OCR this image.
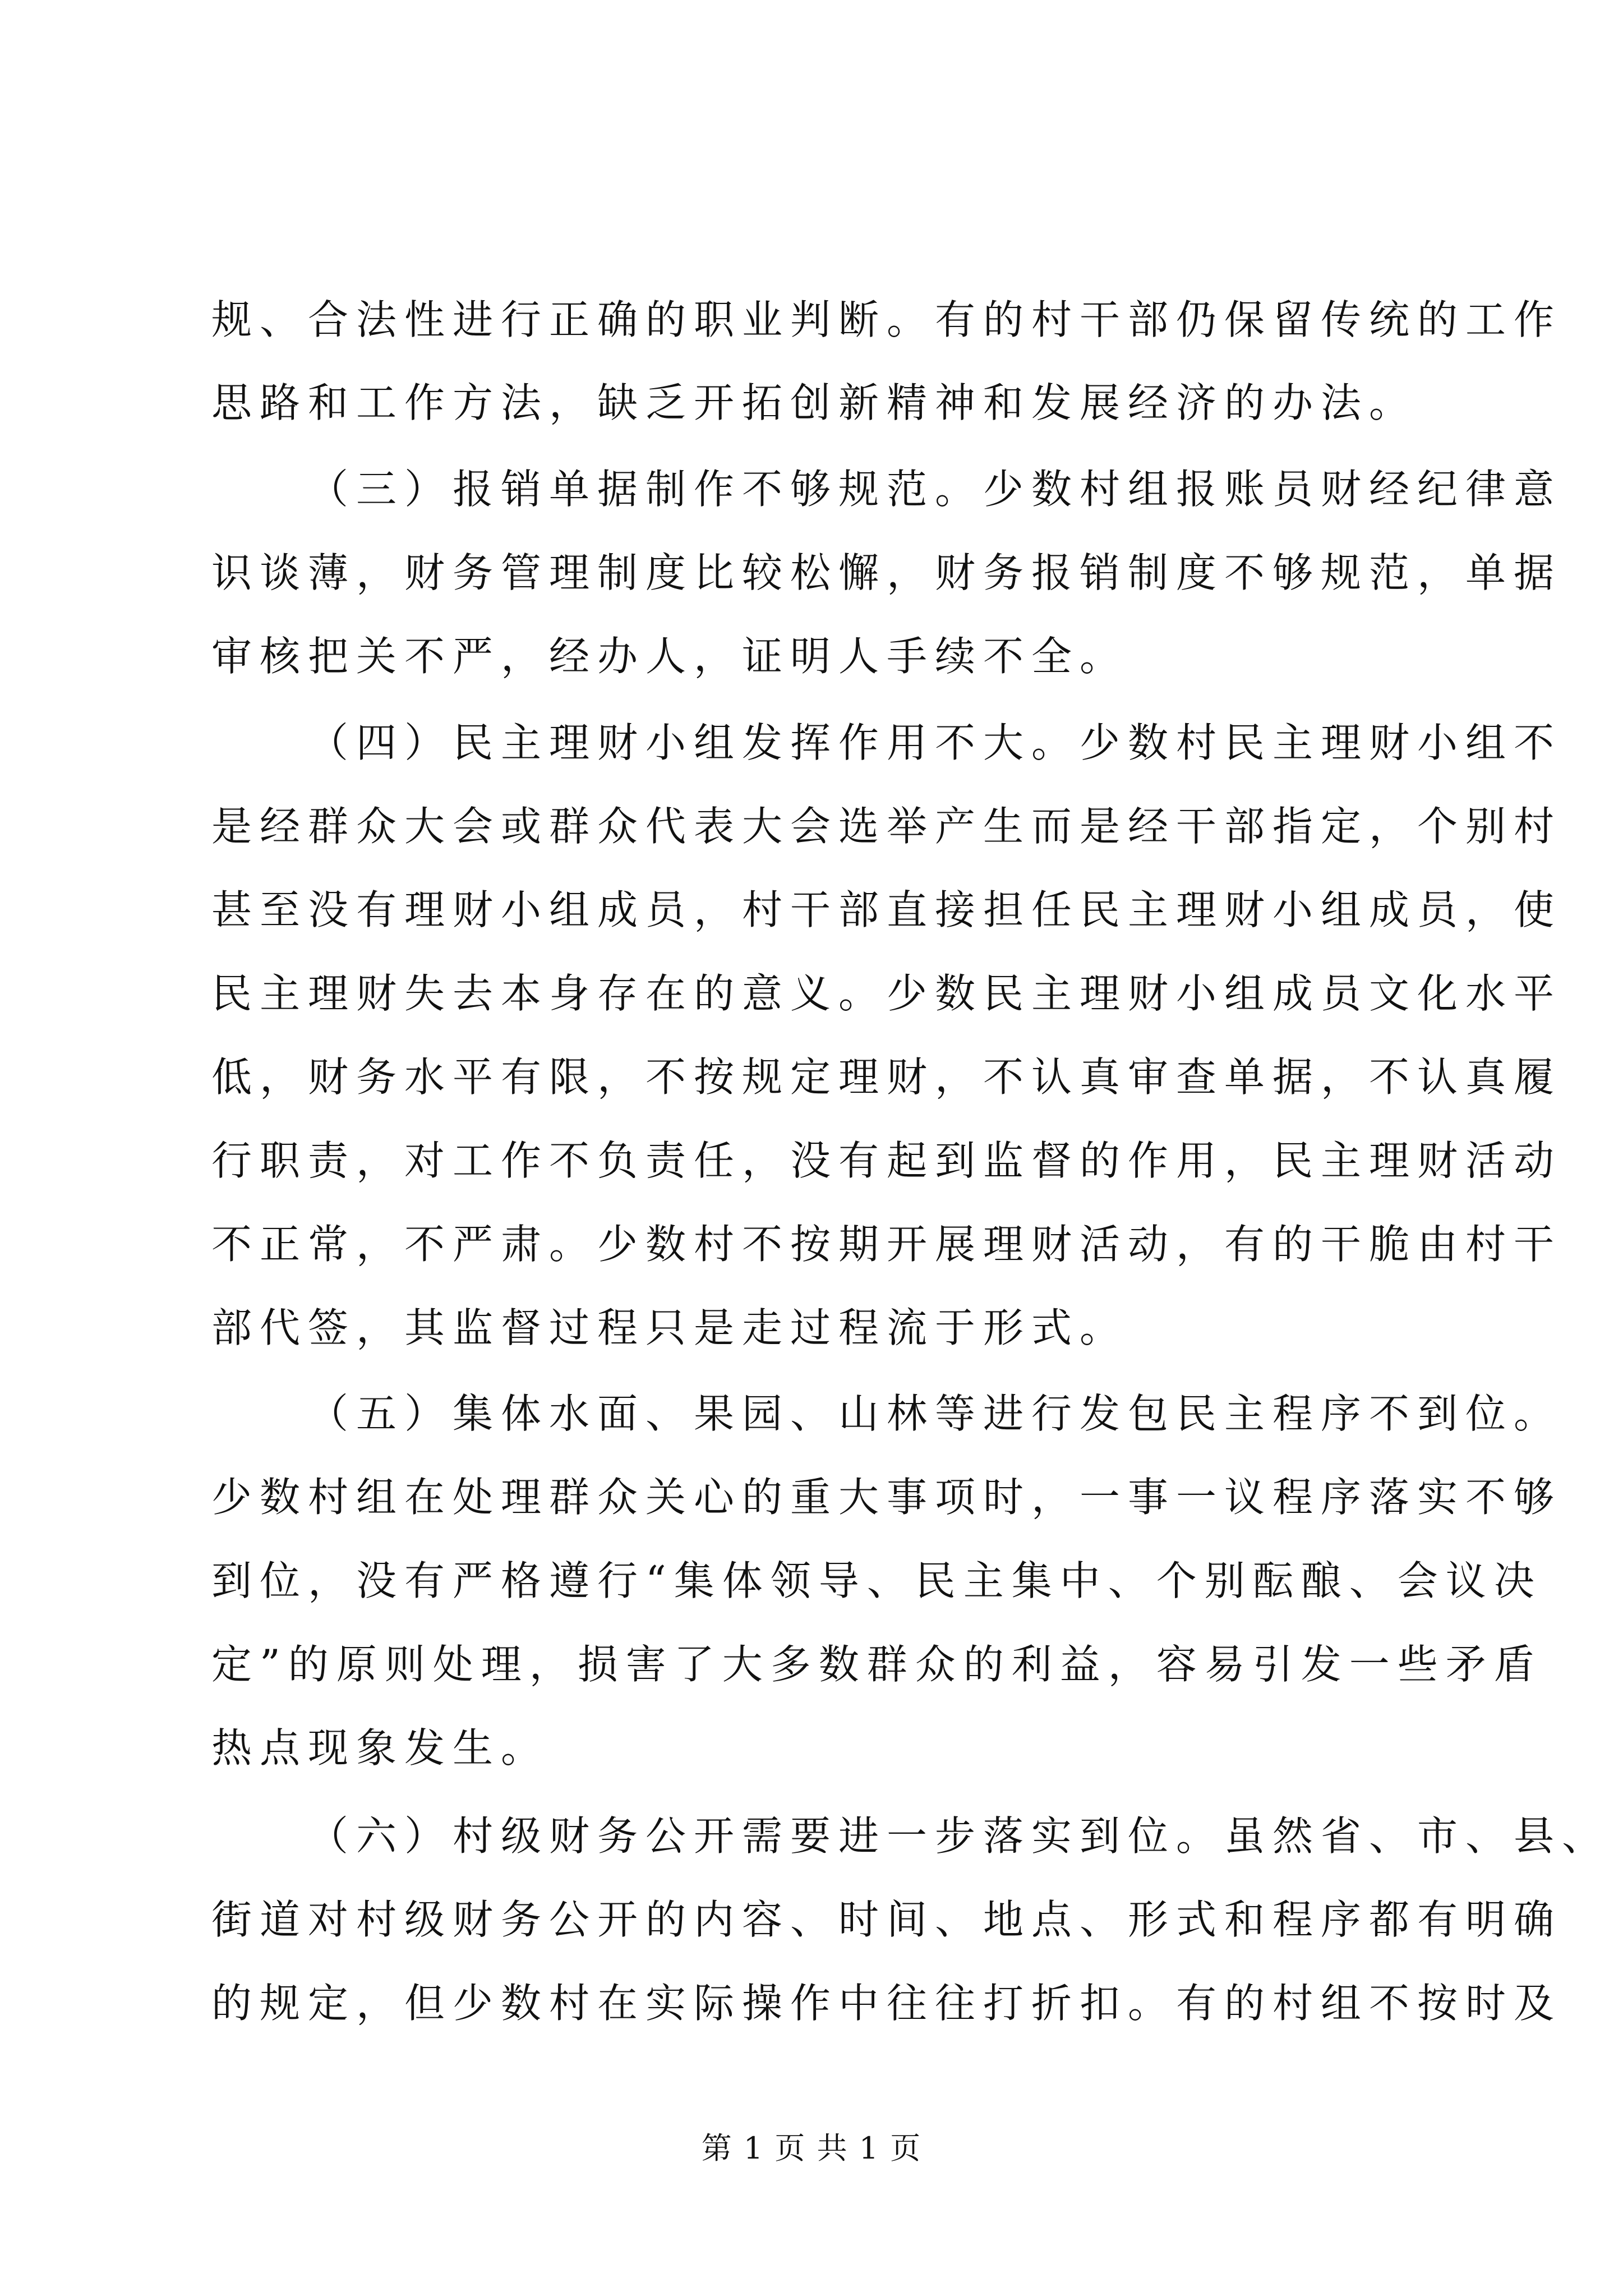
规、合法性进行正确的职业判断。有的村干部仍保留传统的工作
思路和工作方法，缺乏开拓创新精神和发展经济的办法。
（三）报销单据制作不够规范。少数村组报账员财经纪律意
识谈薄，财务管理制度比较松懈，财务报销制度不够规范，单据
审核把关不严，经办人，证明人手续不全。
（四）民主理财小组发挥作用不大。少数村民主理财小组不
是经群众大会或群众代表大会选举产生而是经干部指定，个别村
甚至没有理财小组成员，村干部直接担任民主理财小组成员，使
民主理财失去本身存在的意义。少数民主理财小组成员文化水平
低，财务水平有限，不按规定理财，不认真审查单据，不认真履
行职责，对工作不负责任，没有起到监督的作用，民主理财活动
不正常，不严肃。少数村不按期开展理财活动，有的干脆由村干
部代签，其监督过程只是走过程流于形式。
（五）集体水面、果园、山林等进行发包民主程序不到位。
少数村组在处理群众关心的重大事项时，一事一议程序落实不够
到位，没有严格遵行“集体领导、民主集中、个别酝酿、会议决
定”的原则处理，损害了大多数群众的利益，容易引发一些矛盾
热点现象发生。
（六）村级财务公开需要进一步落实到位。虽然省、市、县、
街道对村级财务公开的内容、时间、地点、形式和程序都有明确
的规定，但少数村在实际操作中往往打折扣。有的村组不按时及
第 1 页 共 1 页
